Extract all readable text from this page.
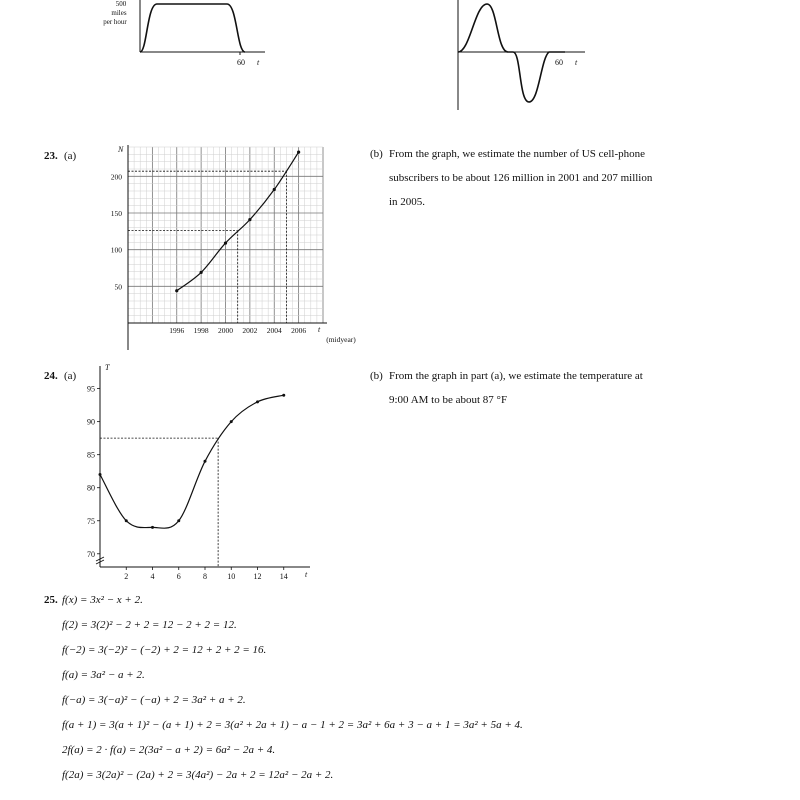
500
miles
per hour
60 t	60 t
23. (a)
1996 1998 2000 2002 2004 2006
50
100
150
200
N
t
(midyear)
(b) From the graph, we estimate the number of US cell-phone
subscribers to be about 126 million in 2001 and 207 million
in 2005.
24. (a)
2	4	6	8	10 12 14
70
75
80
85
90
95
T
t
(b) From the graph in part (a), we estimate the temperature at
9:00 AM to be about 87 °F
25. f(x) = 3x² − x + 2.
f(2) = 3(2)² − 2 + 2 = 12 − 2 + 2 = 12.
f(−2) = 3(−2)² − (−2) + 2 = 12 + 2 + 2 = 16.
f(a) = 3a² − a + 2.
f(−a) = 3(−a)² − (−a) + 2 = 3a² + a + 2.
f(a + 1) = 3(a + 1)² − (a + 1) + 2 = 3(a² + 2a + 1) − a − 1 + 2 = 3a² + 6a + 3 − a + 1 = 3a² + 5a + 4.
2f(a) = 2 · f(a) = 2(3a² − a + 2) = 6a² − 2a + 4.
f(2a) = 3(2a)² − (2a) + 2 = 3(4a²) − 2a + 2 = 12a² − 2a + 2.
